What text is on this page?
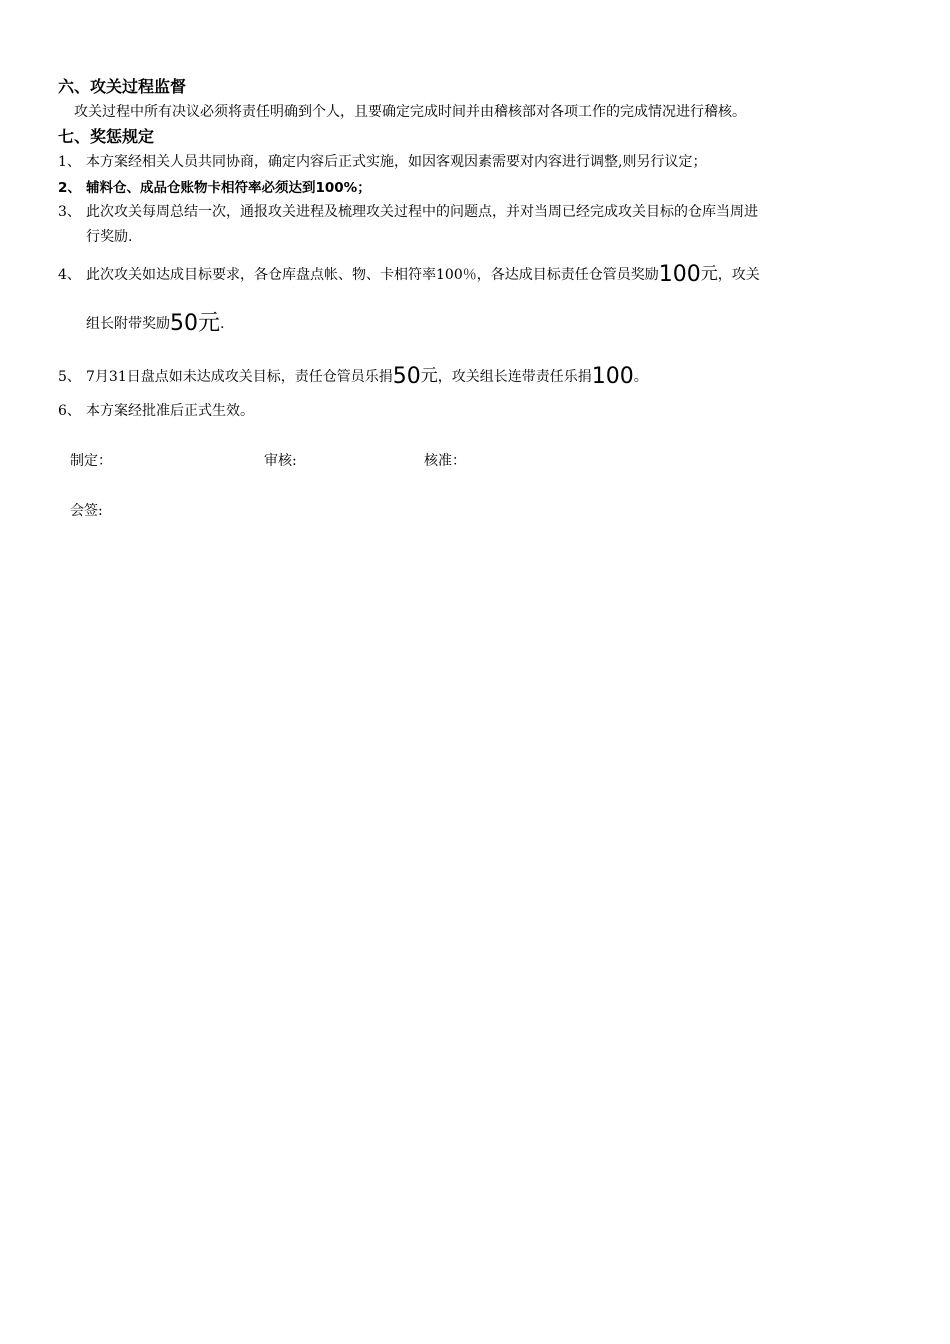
六、攻关过程监督
攻关过程中所有决议必须将责任明确到个人，且要确定完成时间并由稽核部对各项工作的完成情况进行稽核。
七、奖惩规定
1、 本方案经相关人员共同协商，确定内容后正式实施，如因客观因素需要对内容进行调整,则另行议定；
2、 辅料仓、成品仓账物卡相符率必须达到100%；
3、 此次攻关每周总结一次，通报攻关进程及梳理攻关过程中的问题点，并对当周已经完成攻关目标的仓库当周进
行奖励.
4、 此次攻关如达成目标要求，各仓库盘点帐、物、卡相符率100％，各达成目标责任仓管员奖励100元，攻关
组长附带奖励50元.
5、 7月31日盘点如未达成攻关目标，责任仓管员乐捐50元，攻关组长连带责任乐捐100。
6、 本方案经批准后正式生效。
制定：	审核:	核准：
会签:
